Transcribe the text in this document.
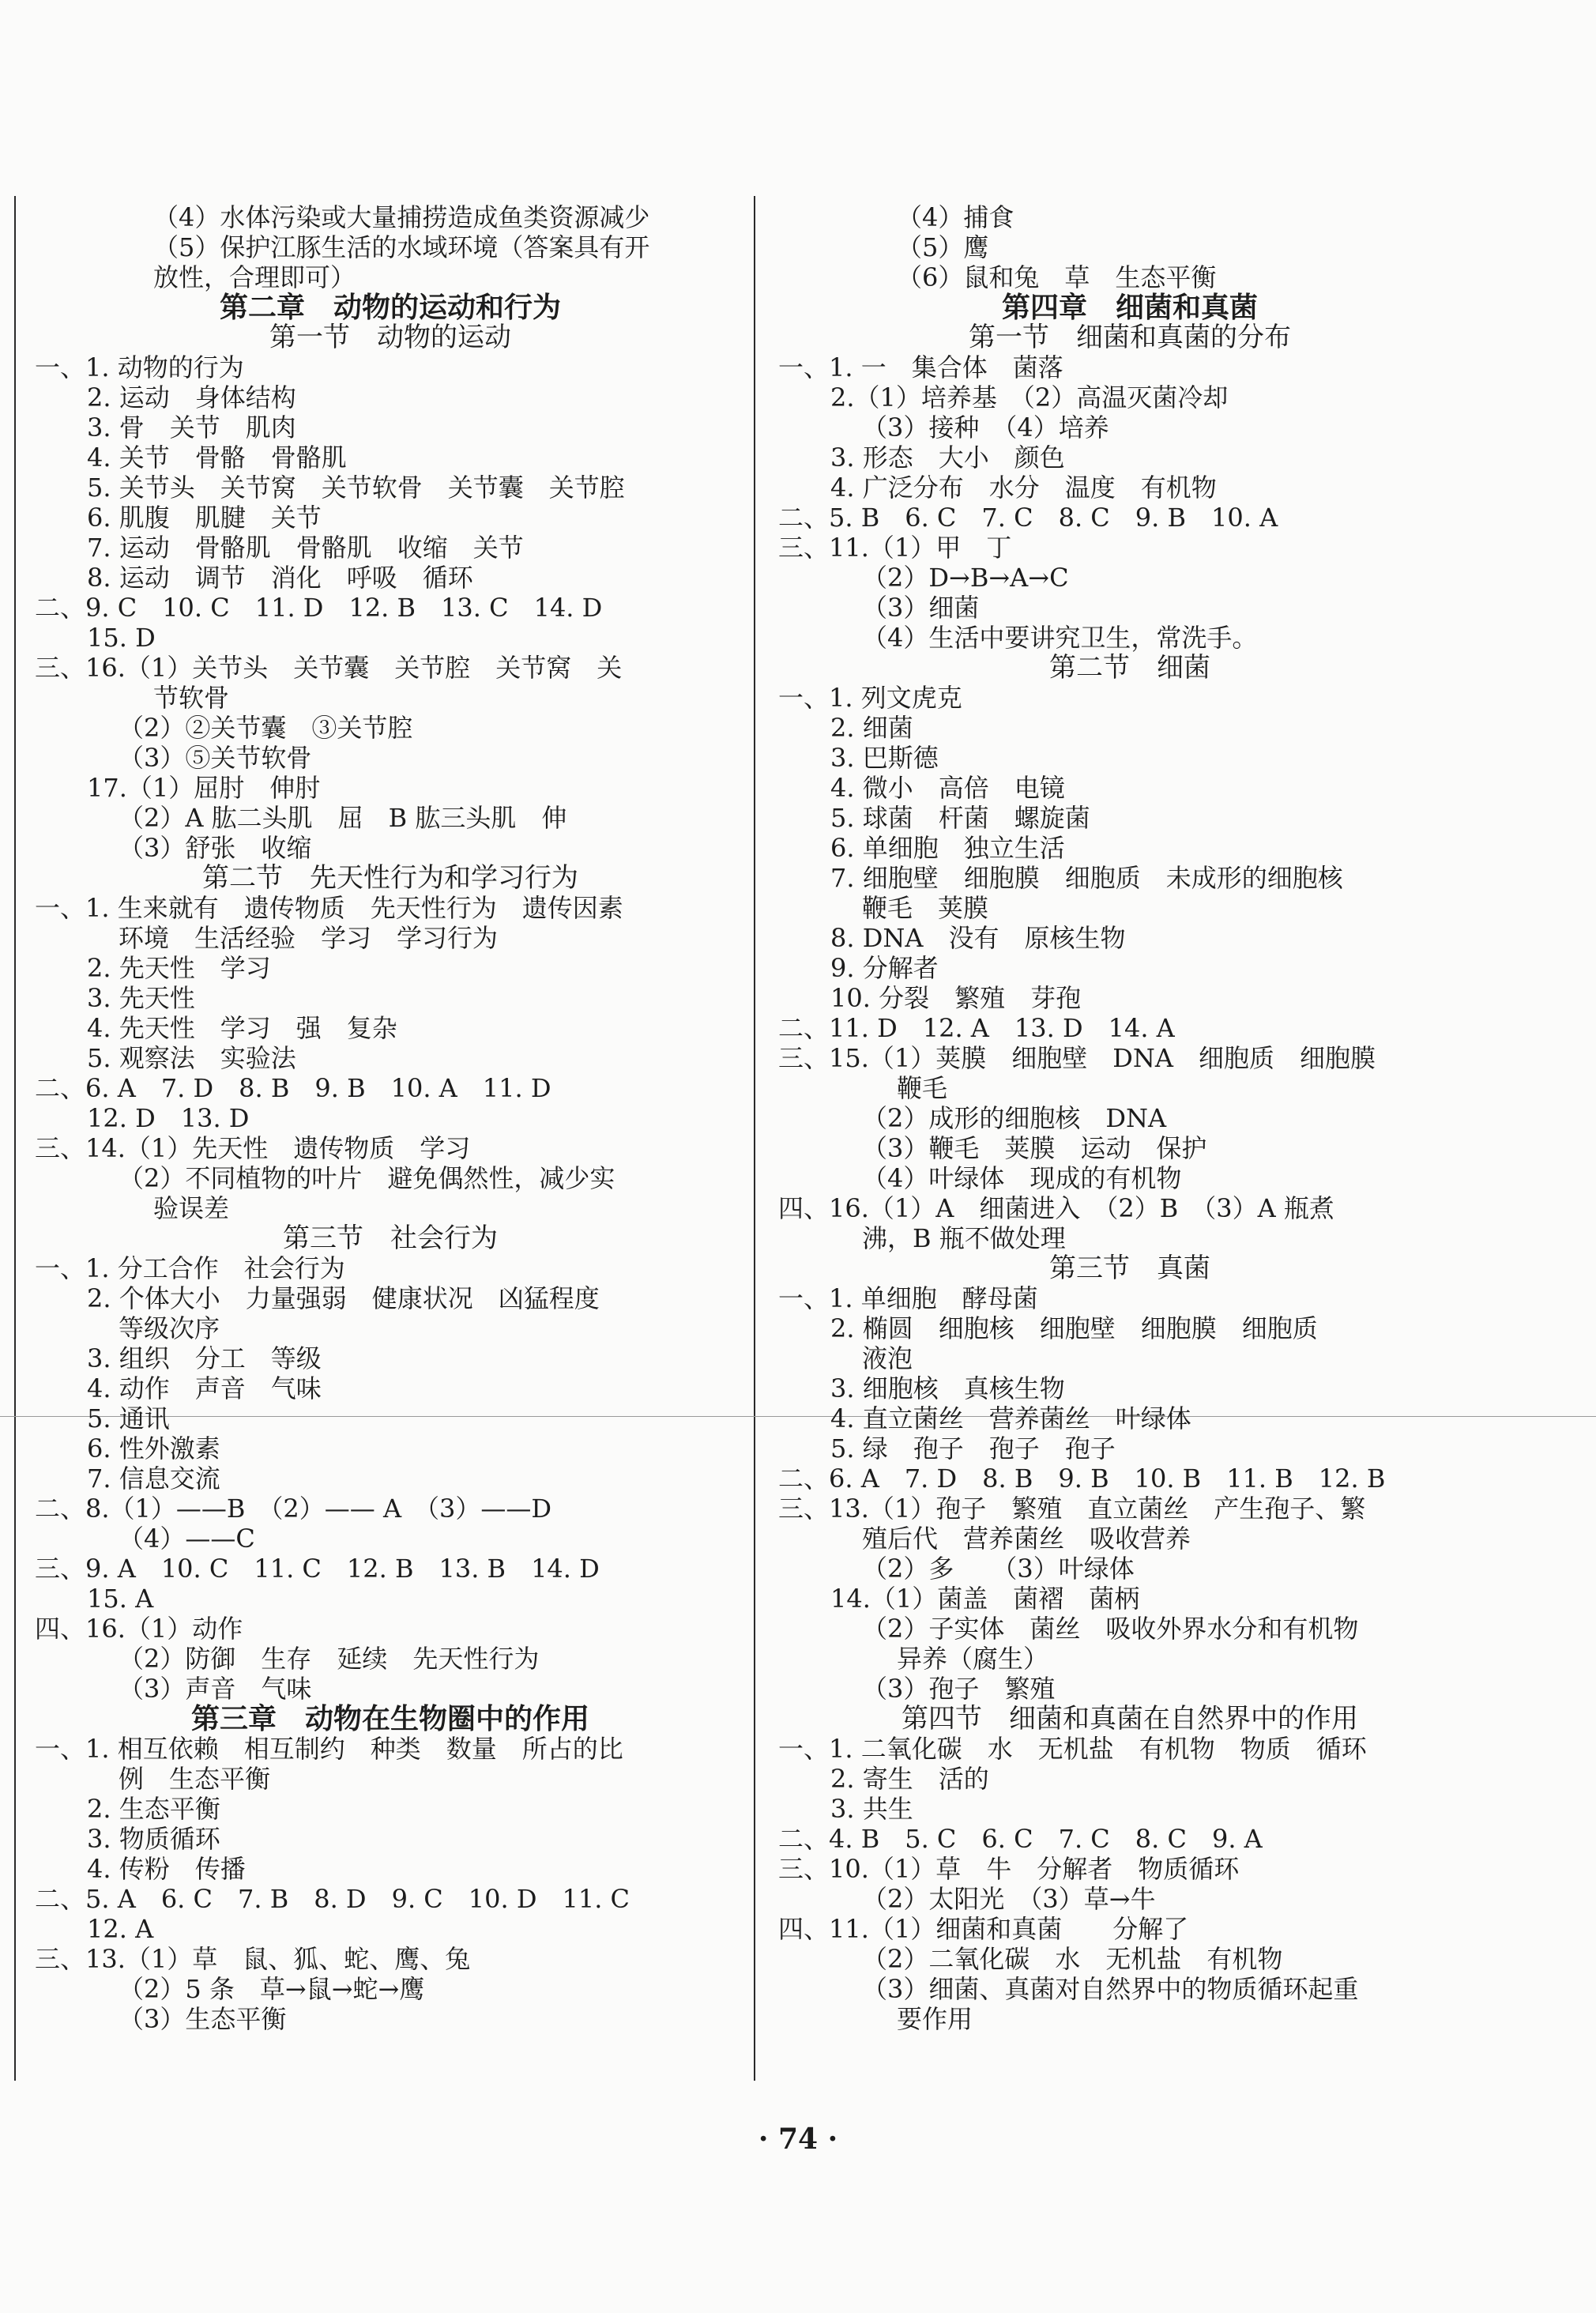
（4）水体污染或大量捕捞造成鱼类资源减少
（5）保护江豚生活的水域环境（答案具有开
放性，合理即可）
第二章　动物的运动和行为
第一节　动物的运动
一、1. 动物的行为
2. 运动　身体结构
3. 骨　关节　肌肉
4. 关节　骨骼　骨骼肌
5. 关节头　关节窝　关节软骨　关节囊　关节腔
6. 肌腹　肌腱　关节
7. 运动　骨骼肌　骨骼肌　收缩　关节
8. 运动　调节　消化　呼吸　循环
二、9. C　10. C　11. D　12. B　13. C　14. D
15. D
三、16.（1）关节头　关节囊　关节腔　关节窝　关
节软骨
（2）②关节囊　③关节腔
（3）⑤关节软骨
17.（1）屈肘　伸肘
（2）A 肱二头肌　屈　B 肱三头肌　伸
（3）舒张　收缩
第二节　先天性行为和学习行为
一、1. 生来就有　遗传物质　先天性行为　遗传因素
环境　生活经验　学习　学习行为
2. 先天性　学习
3. 先天性
4. 先天性　学习　强　复杂
5. 观察法　实验法
二、6. A　7. D　8. B　9. B　10. A　11. D
12. D　13. D
三、14.（1）先天性　遗传物质　学习
（2）不同植物的叶片　避免偶然性，减少实
验误差
第三节　社会行为
一、1. 分工合作　社会行为
2. 个体大小　力量强弱　健康状况　凶猛程度
等级次序
3. 组织　分工　等级
4. 动作　声音　气味
5. 通讯
6. 性外激素
7. 信息交流
二、8.（1）——B　（2）—— A　（3）——D
（4）——C
三、9. A　10. C　11. C　12. B　13. B　14. D
15. A
四、16.（1）动作
（2）防御　生存　延续　先天性行为
（3）声音　气味
第三章　动物在生物圈中的作用
一、1. 相互依赖　相互制约　种类　数量　所占的比
例　生态平衡
2. 生态平衡
3. 物质循环
4. 传粉　传播
二、5. A　6. C　7. B　8. D　9. C　10. D　11. C
12. A
三、13.（1）草　鼠、狐、蛇、鹰、兔
（2）5 条　草→鼠→蛇→鹰
（3）生态平衡
（4）捕食
（5）鹰
（6）鼠和兔　草　生态平衡
第四章　细菌和真菌
第一节　细菌和真菌的分布
一、1. 一　集合体　菌落
2.（1）培养基　（2）高温灭菌冷却
（3）接种　（4）培养
3. 形态　大小　颜色
4. 广泛分布　水分　温度　有机物
二、5. B　6. C　7. C　8. C　9. B　10. A
三、11.（1）甲　丁
（2）D→B→A→C
（3）细菌
（4）生活中要讲究卫生，常洗手。
第二节　细菌
一、1. 列文虎克
2. 细菌
3. 巴斯德
4. 微小　高倍　电镜
5. 球菌　杆菌　螺旋菌
6. 单细胞　独立生活
7. 细胞壁　细胞膜　细胞质　未成形的细胞核
鞭毛　荚膜
8. DNA　没有　原核生物
9. 分解者
10. 分裂　繁殖　芽孢
二、11. D　12. A　13. D　14. A
三、15.（1）荚膜　细胞壁　DNA　细胞质　细胞膜
鞭毛
（2）成形的细胞核　DNA
（3）鞭毛　荚膜　运动　保护
（4）叶绿体　现成的有机物
四、16.（1）A　细菌进入　（2）B　（3）A 瓶煮
沸，B 瓶不做处理
第三节　真菌
一、1. 单细胞　酵母菌
2. 椭圆　细胞核　细胞壁　细胞膜　细胞质
液泡
3. 细胞核　真核生物
4. 直立菌丝　营养菌丝　叶绿体
5. 绿　孢子　孢子　孢子
二、6. A　7. D　8. B　9. B　10. B　11. B　12. B
三、13.（1）孢子　繁殖　直立菌丝　产生孢子、繁
殖后代　营养菌丝　吸收营养
（2）多　　（3）叶绿体
14.（1）菌盖　菌褶　菌柄
（2）子实体　菌丝　吸收外界水分和有机物
异养（腐生）
（3）孢子　繁殖
第四节　细菌和真菌在自然界中的作用
一、1. 二氧化碳　水　无机盐　有机物　物质　循环
2. 寄生　活的
3. 共生
二、4. B　5. C　6. C　7. C　8. C　9. A
三、10.（1）草　牛　分解者　物质循环
（2）太阳光　（3）草→牛
四、11.（1）细菌和真菌　　分解了
（2）二氧化碳　水　无机盐　有机物
（3）细菌、真菌对自然界中的物质循环起重
要作用
· 74 ·
